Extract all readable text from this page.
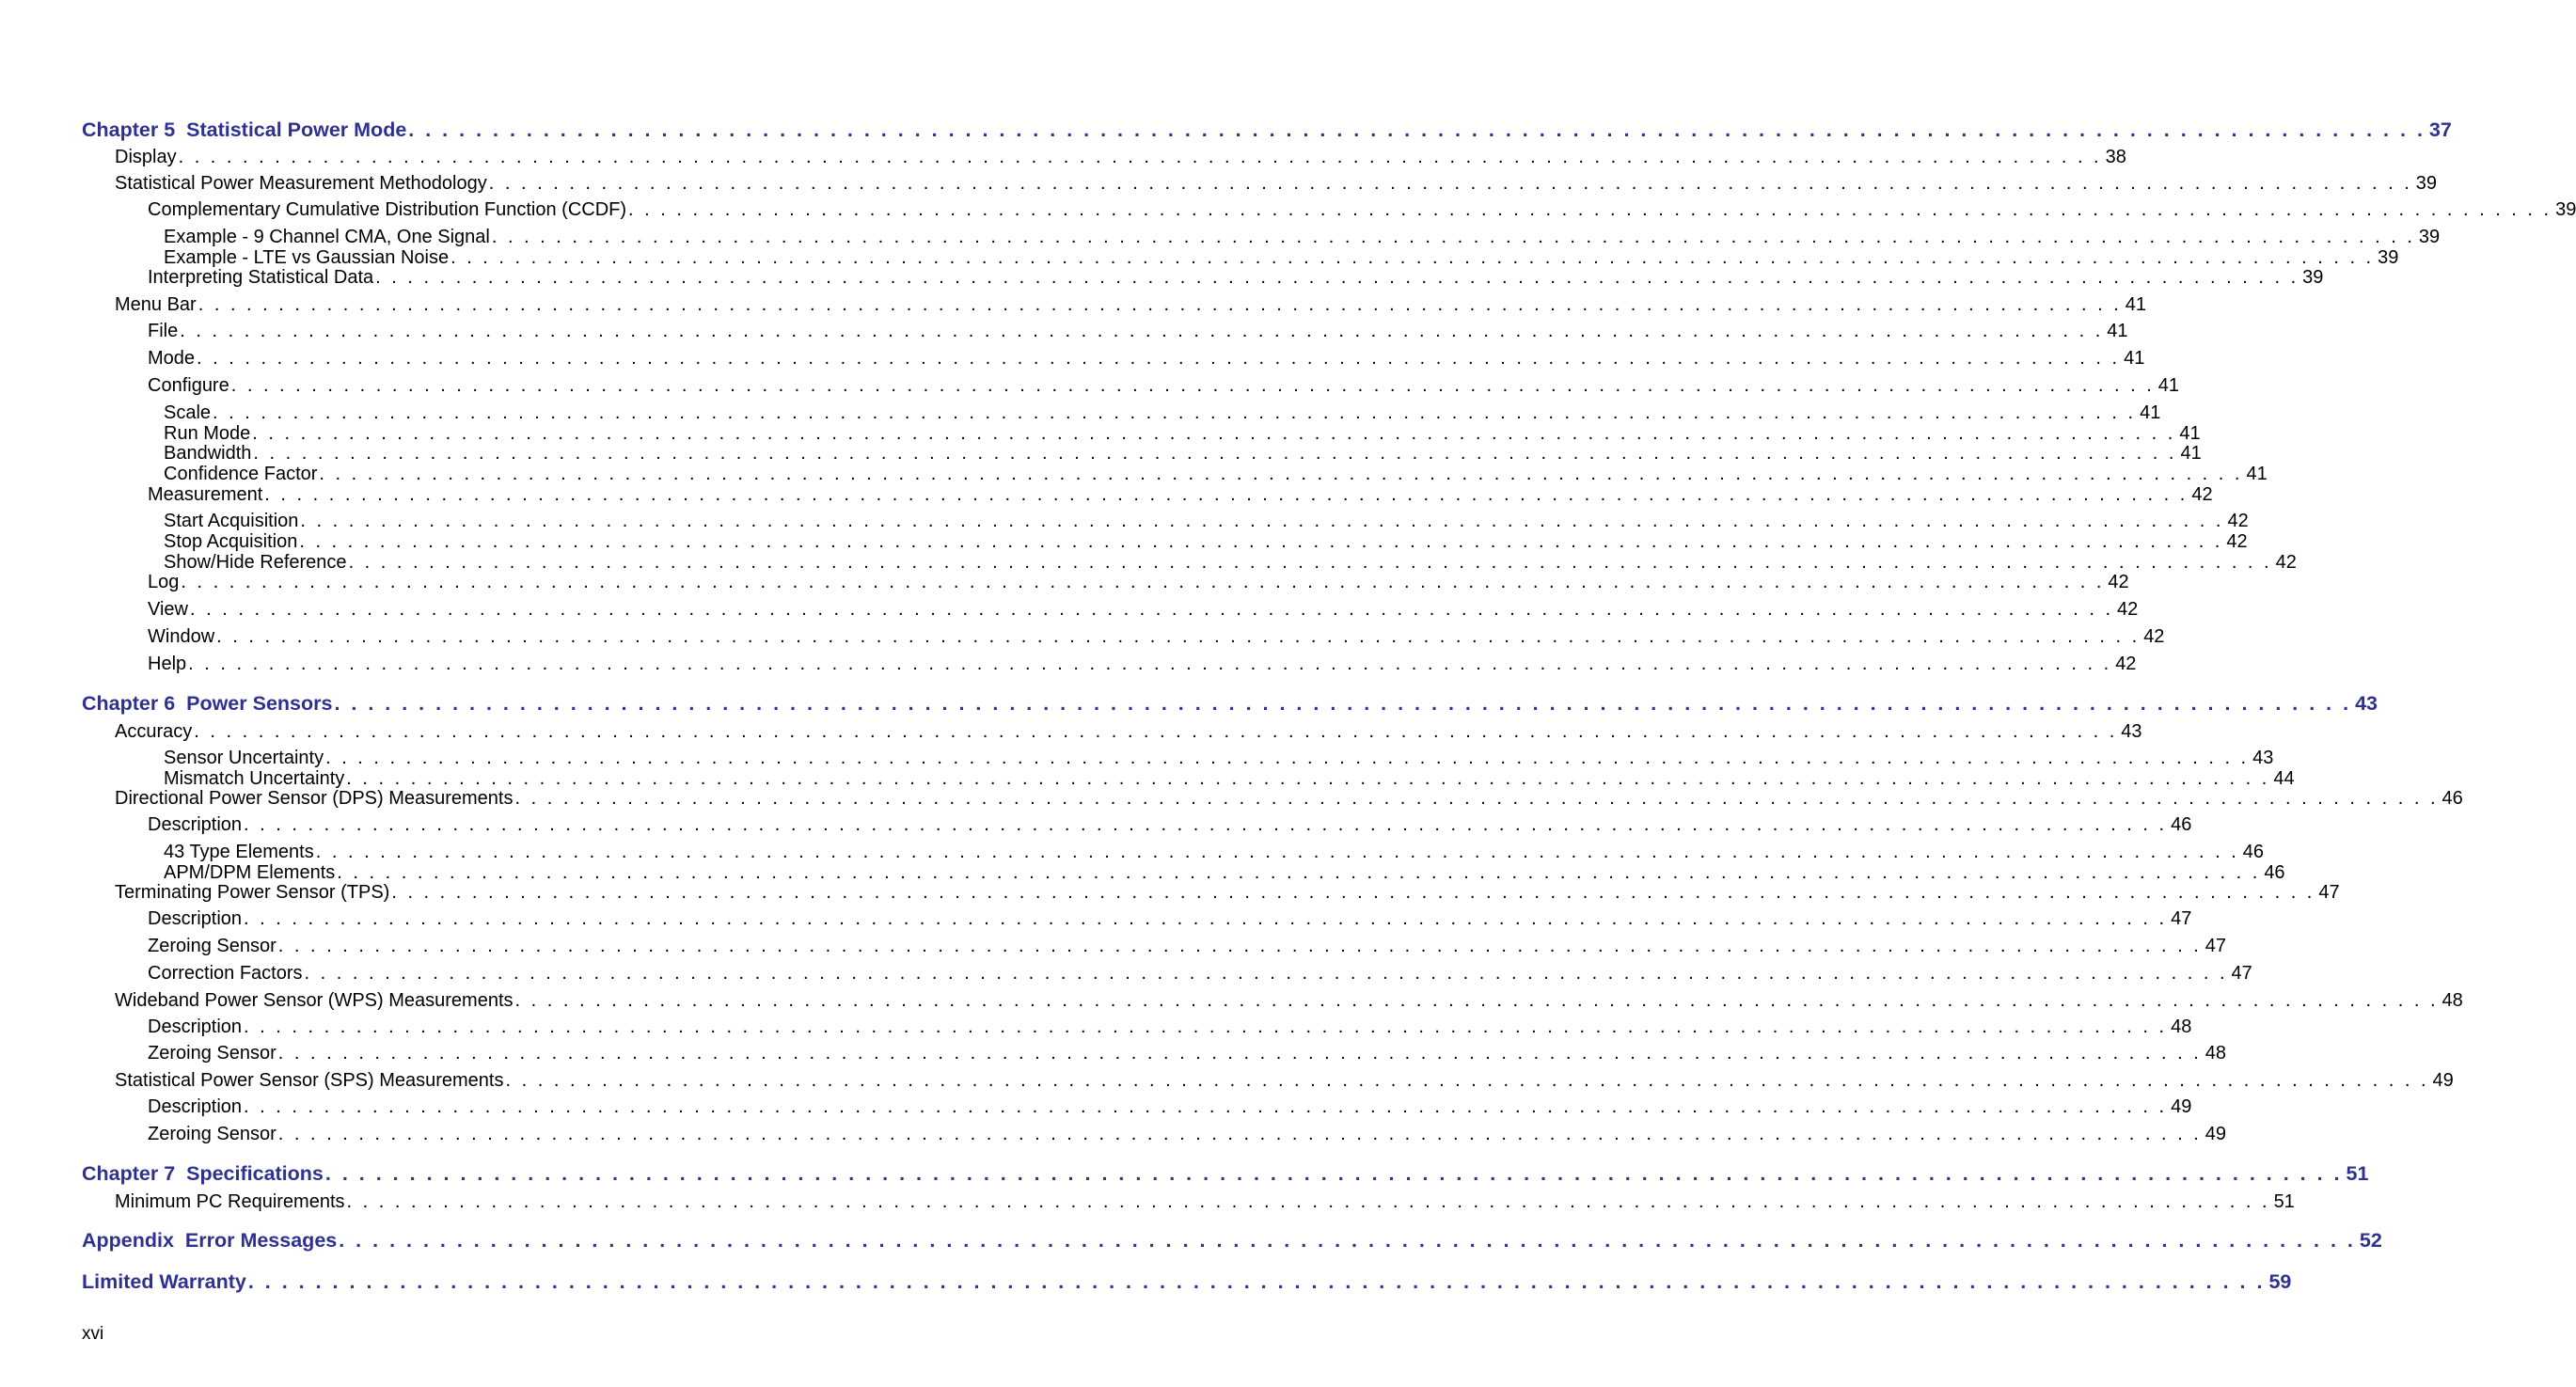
Chapter 5  Statistical Power Mode . . . . . . . . . . . . . . . . . . . . . . . . . . . . . . . . . . . . . . . . . . . . . . . . . . . . . . . . . . . . . . . . . . . . . . . . . . . . . . . . . . . . . . . . . . . . . . . . . . . . . . . . . . . . . . . . . . . . . . . . 37
Display . . . . . . . . . . . . . . . . . . . . . . . . . . . . . . . . . . . . . . . . . . . . . . . . . . . . . . . . . . . . . . . . . . . . . . . . . . . . . . . . . . . . . . . . . . . . . . . . . . . . . . . . . . . . . . . . . . . . . . . . 38
Statistical Power Measurement Methodology . . . . . . . . . . . . . . . . . . . . . . . . . . . . . . . . . . . . . . . . . . . . . . . . . . . . . . . . . . . . . . . . . . . . . . . . . . . . . . . . . . . . . . . . . . . . . . . . . . . . . . . . . . . . . . . . . . . . . . . . 39
Complementary Cumulative Distribution Function (CCDF) . . . . . . . . . . . . . . . . . . . . . . . . . . . . . . . . . . . . . . . . . . . . . . . . . . . . . . . . . . . . . . . . . . . . . . . . . . . . . . . . . . . . . . . . . . . . . . . . . . . . . . . . . . . . . . . . . . . . . . . . 39
Example - 9 Channel CMA, One Signal . . . . . . . . . . . . . . . . . . . . . . . . . . . . . . . . . . . . . . . . . . . . . . . . . . . . . . . . . . . . . . . . . . . . . . . . . . . . . . . . . . . . . . . . . . . . . . . . . . . . . . . . . . . . . . . . . . . . . . . . 39
Example - LTE vs Gaussian Noise . . . . . . . . . . . . . . . . . . . . . . . . . . . . . . . . . . . . . . . . . . . . . . . . . . . . . . . . . . . . . . . . . . . . . . . . . . . . . . . . . . . . . . . . . . . . . . . . . . . . . . . . . . . . . . . . . . . . . . . . 39
Interpreting Statistical Data . . . . . . . . . . . . . . . . . . . . . . . . . . . . . . . . . . . . . . . . . . . . . . . . . . . . . . . . . . . . . . . . . . . . . . . . . . . . . . . . . . . . . . . . . . . . . . . . . . . . . . . . . . . . . . . . . . . . . . . . 39
Menu Bar . . . . . . . . . . . . . . . . . . . . . . . . . . . . . . . . . . . . . . . . . . . . . . . . . . . . . . . . . . . . . . . . . . . . . . . . . . . . . . . . . . . . . . . . . . . . . . . . . . . . . . . . . . . . . . . . . . . . . . . . 41
File . . . . . . . . . . . . . . . . . . . . . . . . . . . . . . . . . . . . . . . . . . . . . . . . . . . . . . . . . . . . . . . . . . . . . . . . . . . . . . . . . . . . . . . . . . . . . . . . . . . . . . . . . . . . . . . . . . . . . . . . 41
Mode . . . . . . . . . . . . . . . . . . . . . . . . . . . . . . . . . . . . . . . . . . . . . . . . . . . . . . . . . . . . . . . . . . . . . . . . . . . . . . . . . . . . . . . . . . . . . . . . . . . . . . . . . . . . . . . . . . . . . . . . 41
Configure . . . . . . . . . . . . . . . . . . . . . . . . . . . . . . . . . . . . . . . . . . . . . . . . . . . . . . . . . . . . . . . . . . . . . . . . . . . . . . . . . . . . . . . . . . . . . . . . . . . . . . . . . . . . . . . . . . . . . . . . 41
Scale . . . . . . . . . . . . . . . . . . . . . . . . . . . . . . . . . . . . . . . . . . . . . . . . . . . . . . . . . . . . . . . . . . . . . . . . . . . . . . . . . . . . . . . . . . . . . . . . . . . . . . . . . . . . . . . . . . . . . . . . 41
Run Mode . . . . . . . . . . . . . . . . . . . . . . . . . . . . . . . . . . . . . . . . . . . . . . . . . . . . . . . . . . . . . . . . . . . . . . . . . . . . . . . . . . . . . . . . . . . . . . . . . . . . . . . . . . . . . . . . . . . . . . . . 41
Bandwidth . . . . . . . . . . . . . . . . . . . . . . . . . . . . . . . . . . . . . . . . . . . . . . . . . . . . . . . . . . . . . . . . . . . . . . . . . . . . . . . . . . . . . . . . . . . . . . . . . . . . . . . . . . . . . . . . . . . . . . . . 41
Confidence Factor . . . . . . . . . . . . . . . . . . . . . . . . . . . . . . . . . . . . . . . . . . . . . . . . . . . . . . . . . . . . . . . . . . . . . . . . . . . . . . . . . . . . . . . . . . . . . . . . . . . . . . . . . . . . . . . . . . . . . . . . 41
Measurement . . . . . . . . . . . . . . . . . . . . . . . . . . . . . . . . . . . . . . . . . . . . . . . . . . . . . . . . . . . . . . . . . . . . . . . . . . . . . . . . . . . . . . . . . . . . . . . . . . . . . . . . . . . . . . . . . . . . . . . . 42
Start Acquisition . . . . . . . . . . . . . . . . . . . . . . . . . . . . . . . . . . . . . . . . . . . . . . . . . . . . . . . . . . . . . . . . . . . . . . . . . . . . . . . . . . . . . . . . . . . . . . . . . . . . . . . . . . . . . . . . . . . . . . . . 42
Stop Acquisition . . . . . . . . . . . . . . . . . . . . . . . . . . . . . . . . . . . . . . . . . . . . . . . . . . . . . . . . . . . . . . . . . . . . . . . . . . . . . . . . . . . . . . . . . . . . . . . . . . . . . . . . . . . . . . . . . . . . . . . . 42
Show/Hide Reference . . . . . . . . . . . . . . . . . . . . . . . . . . . . . . . . . . . . . . . . . . . . . . . . . . . . . . . . . . . . . . . . . . . . . . . . . . . . . . . . . . . . . . . . . . . . . . . . . . . . . . . . . . . . . . . . . . . . . . . . 42
Log . . . . . . . . . . . . . . . . . . . . . . . . . . . . . . . . . . . . . . . . . . . . . . . . . . . . . . . . . . . . . . . . . . . . . . . . . . . . . . . . . . . . . . . . . . . . . . . . . . . . . . . . . . . . . . . . . . . . . . . . 42
View . . . . . . . . . . . . . . . . . . . . . . . . . . . . . . . . . . . . . . . . . . . . . . . . . . . . . . . . . . . . . . . . . . . . . . . . . . . . . . . . . . . . . . . . . . . . . . . . . . . . . . . . . . . . . . . . . . . . . . . . 42
Window . . . . . . . . . . . . . . . . . . . . . . . . . . . . . . . . . . . . . . . . . . . . . . . . . . . . . . . . . . . . . . . . . . . . . . . . . . . . . . . . . . . . . . . . . . . . . . . . . . . . . . . . . . . . . . . . . . . . . . . . 42
Help . . . . . . . . . . . . . . . . . . . . . . . . . . . . . . . . . . . . . . . . . . . . . . . . . . . . . . . . . . . . . . . . . . . . . . . . . . . . . . . . . . . . . . . . . . . . . . . . . . . . . . . . . . . . . . . . . . . . . . . . 42
Chapter 6  Power Sensors . . . . . . . . . . . . . . . . . . . . . . . . . . . . . . . . . . . . . . . . . . . . . . . . . . . . . . . . . . . . . . . . . . . . . . . . . . . . . . . . . . . . . . . . . . . . . . . . . . . . . . . . . . . . . . . . . . . . . . . . 43
Accuracy . . . . . . . . . . . . . . . . . . . . . . . . . . . . . . . . . . . . . . . . . . . . . . . . . . . . . . . . . . . . . . . . . . . . . . . . . . . . . . . . . . . . . . . . . . . . . . . . . . . . . . . . . . . . . . . . . . . . . . . . 43
Sensor Uncertainty . . . . . . . . . . . . . . . . . . . . . . . . . . . . . . . . . . . . . . . . . . . . . . . . . . . . . . . . . . . . . . . . . . . . . . . . . . . . . . . . . . . . . . . . . . . . . . . . . . . . . . . . . . . . . . . . . . . . . . . . 43
Mismatch Uncertainty . . . . . . . . . . . . . . . . . . . . . . . . . . . . . . . . . . . . . . . . . . . . . . . . . . . . . . . . . . . . . . . . . . . . . . . . . . . . . . . . . . . . . . . . . . . . . . . . . . . . . . . . . . . . . . . . . . . . . . . . 44
Directional Power Sensor (DPS) Measurements . . . . . . . . . . . . . . . . . . . . . . . . . . . . . . . . . . . . . . . . . . . . . . . . . . . . . . . . . . . . . . . . . . . . . . . . . . . . . . . . . . . . . . . . . . . . . . . . . . . . . . . . . . . . . . . . . . . . . . . . 46
Description . . . . . . . . . . . . . . . . . . . . . . . . . . . . . . . . . . . . . . . . . . . . . . . . . . . . . . . . . . . . . . . . . . . . . . . . . . . . . . . . . . . . . . . . . . . . . . . . . . . . . . . . . . . . . . . . . . . . . . . . 46
43 Type Elements . . . . . . . . . . . . . . . . . . . . . . . . . . . . . . . . . . . . . . . . . . . . . . . . . . . . . . . . . . . . . . . . . . . . . . . . . . . . . . . . . . . . . . . . . . . . . . . . . . . . . . . . . . . . . . . . . . . . . . . . 46
APM/DPM Elements . . . . . . . . . . . . . . . . . . . . . . . . . . . . . . . . . . . . . . . . . . . . . . . . . . . . . . . . . . . . . . . . . . . . . . . . . . . . . . . . . . . . . . . . . . . . . . . . . . . . . . . . . . . . . . . . . . . . . . . . 46
Terminating Power Sensor (TPS) . . . . . . . . . . . . . . . . . . . . . . . . . . . . . . . . . . . . . . . . . . . . . . . . . . . . . . . . . . . . . . . . . . . . . . . . . . . . . . . . . . . . . . . . . . . . . . . . . . . . . . . . . . . . . . . . . . . . . . . . 47
Description . . . . . . . . . . . . . . . . . . . . . . . . . . . . . . . . . . . . . . . . . . . . . . . . . . . . . . . . . . . . . . . . . . . . . . . . . . . . . . . . . . . . . . . . . . . . . . . . . . . . . . . . . . . . . . . . . . . . . . . . 47
Zeroing Sensor . . . . . . . . . . . . . . . . . . . . . . . . . . . . . . . . . . . . . . . . . . . . . . . . . . . . . . . . . . . . . . . . . . . . . . . . . . . . . . . . . . . . . . . . . . . . . . . . . . . . . . . . . . . . . . . . . . . . . . . . 47
Correction Factors . . . . . . . . . . . . . . . . . . . . . . . . . . . . . . . . . . . . . . . . . . . . . . . . . . . . . . . . . . . . . . . . . . . . . . . . . . . . . . . . . . . . . . . . . . . . . . . . . . . . . . . . . . . . . . . . . . . . . . . . 47
Wideband Power Sensor (WPS) Measurements . . . . . . . . . . . . . . . . . . . . . . . . . . . . . . . . . . . . . . . . . . . . . . . . . . . . . . . . . . . . . . . . . . . . . . . . . . . . . . . . . . . . . . . . . . . . . . . . . . . . . . . . . . . . . . . . . . . . . . . . 48
Description . . . . . . . . . . . . . . . . . . . . . . . . . . . . . . . . . . . . . . . . . . . . . . . . . . . . . . . . . . . . . . . . . . . . . . . . . . . . . . . . . . . . . . . . . . . . . . . . . . . . . . . . . . . . . . . . . . . . . . . . 48
Zeroing Sensor . . . . . . . . . . . . . . . . . . . . . . . . . . . . . . . . . . . . . . . . . . . . . . . . . . . . . . . . . . . . . . . . . . . . . . . . . . . . . . . . . . . . . . . . . . . . . . . . . . . . . . . . . . . . . . . . . . . . . . . . 48
Statistical Power Sensor (SPS) Measurements . . . . . . . . . . . . . . . . . . . . . . . . . . . . . . . . . . . . . . . . . . . . . . . . . . . . . . . . . . . . . . . . . . . . . . . . . . . . . . . . . . . . . . . . . . . . . . . . . . . . . . . . . . . . . . . . . . . . . . . . 49
Description . . . . . . . . . . . . . . . . . . . . . . . . . . . . . . . . . . . . . . . . . . . . . . . . . . . . . . . . . . . . . . . . . . . . . . . . . . . . . . . . . . . . . . . . . . . . . . . . . . . . . . . . . . . . . . . . . . . . . . . . 49
Zeroing Sensor . . . . . . . . . . . . . . . . . . . . . . . . . . . . . . . . . . . . . . . . . . . . . . . . . . . . . . . . . . . . . . . . . . . . . . . . . . . . . . . . . . . . . . . . . . . . . . . . . . . . . . . . . . . . . . . . . . . . . . . . 49
Chapter 7  Specifications . . . . . . . . . . . . . . . . . . . . . . . . . . . . . . . . . . . . . . . . . . . . . . . . . . . . . . . . . . . . . . . . . . . . . . . . . . . . . . . . . . . . . . . . . . . . . . . . . . . . . . . . . . . . . . . . . . . . . . . . 51
Minimum PC Requirements . . . . . . . . . . . . . . . . . . . . . . . . . . . . . . . . . . . . . . . . . . . . . . . . . . . . . . . . . . . . . . . . . . . . . . . . . . . . . . . . . . . . . . . . . . . . . . . . . . . . . . . . . . . . . . . . . . . . . . . . 51
Appendix  Error Messages . . . . . . . . . . . . . . . . . . . . . . . . . . . . . . . . . . . . . . . . . . . . . . . . . . . . . . . . . . . . . . . . . . . . . . . . . . . . . . . . . . . . . . . . . . . . . . . . . . . . . . . . . . . . . . . . . . . . . . . . 52
Limited Warranty . . . . . . . . . . . . . . . . . . . . . . . . . . . . . . . . . . . . . . . . . . . . . . . . . . . . . . . . . . . . . . . . . . . . . . . . . . . . . . . . . . . . . . . . . . . . . . . . . . . . . . . . . . . . . . . . . . . . . . . . 59
xvi
